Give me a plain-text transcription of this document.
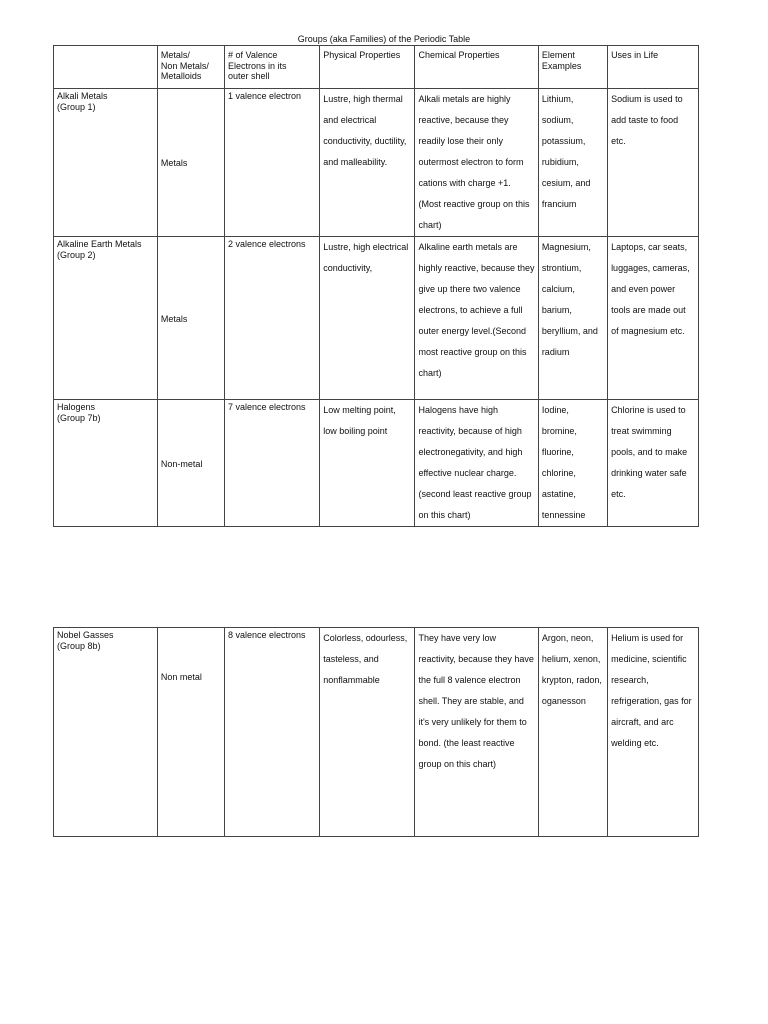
Groups (aka Families) of the Periodic Table
	Metals/
Non Metals/
Metalloids	# of Valence
Electrons in its
outer shell	Physical Properties	Chemical Properties	Element
Examples	Uses in Life
Alkali Metals
(Group 1)	Metals	1 valence electron	Lustre, high thermal and electrical conductivity, ductility, and malleability.	Alkali metals are highly reactive, because they readily lose their only outermost electron to form cations with charge +1. (Most reactive group on this chart)	Lithium, sodium, potassium, rubidium, cesium, and francium	Sodium is used to add taste to food etc.
Alkaline Earth Metals
(Group 2)	Metals	2 valence electrons	Lustre, high electrical conductivity,	Alkaline earth metals are highly reactive, because they give up there two valence electrons, to achieve a full outer energy level.(Second most reactive group on this chart)	Magnesium, strontium, calcium, barium, beryllium, and radium	Laptops, car seats, luggages, cameras, and even power tools are made out of magnesium etc.
Halogens
(Group 7b)	Non-metal	7 valence electrons	Low melting point, low boiling point	Halogens have high reactivity, because of high electronegativity, and high effective nuclear charge. (second least reactive group on this chart)	Iodine, bromine, fluorine, chlorine, astatine, tennessine	Chlorine is used to treat swimming pools, and to make drinking water safe etc.
Nobel Gasses
(Group 8b)	Non metal	8 valence electrons	Colorless, odourless, tasteless, and nonflammable	They have very low reactivity, because they have the full 8 valence electron shell. They are stable, and it's very unlikely for them to bond. (the least reactive group on this chart)	Argon, neon, helium, xenon, krypton, radon, oganesson	Helium is used for medicine, scientific research, refrigeration, gas for aircraft, and arc welding etc.
